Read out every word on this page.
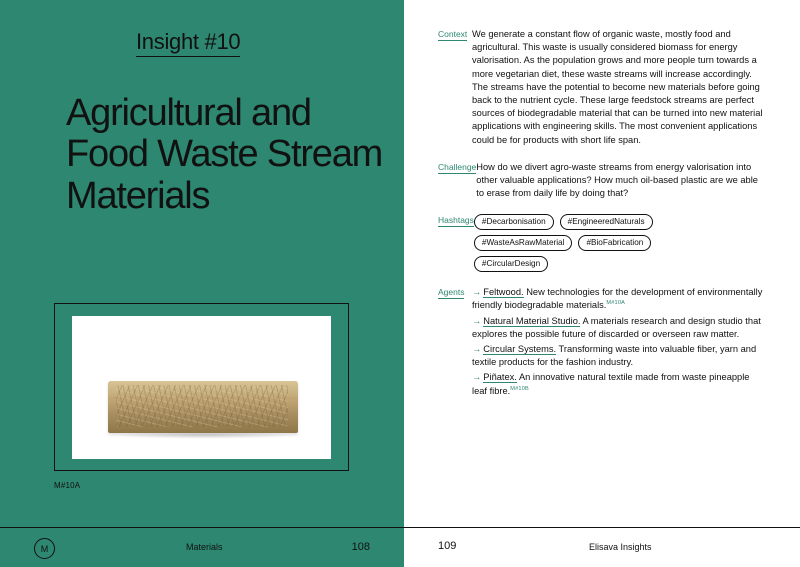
Insight #10
Agricultural and Food Waste Stream Materials
M#10A
M	Materials	108
Context We generate a constant flow of organic waste, mostly food and agricultural. This waste is usually considered biomass for energy valorisation. As the population grows and more people turn towards a more vegetarian diet, these waste streams will increase accordingly. The streams have the potential to become new materials before going back to the nutrient cycle. These large feedstock streams are perfect sources of biodegradable material that can be turned into new material applications with engineering skills. The most convenient applications could be for products with short life span.
Challenge How do we divert agro-waste streams from energy valorisation into other valuable applications? How much oil-based plastic are we able to erase from daily life by doing that?
Hashtags #Decarbonisation	#EngineeredNaturals
#WasteAsRawMaterial	#BioFabrication
#CircularDesign
Agents → Feltwood. New technologies for the development of environmentally friendly biodegradable materials.$^{M\#10A}$
→ Natural Material Studio. A materials research and design studio that explores the possible future of discarded or overseen raw matter.
→ Circular Systems. Transforming waste into valuable fiber, yarn and textile products for the fashion industry.
→ Piñatex. An innovative natural textile made from waste pineapple leaf fibre.$^{M\#10B}$
109	Elisava Insights
